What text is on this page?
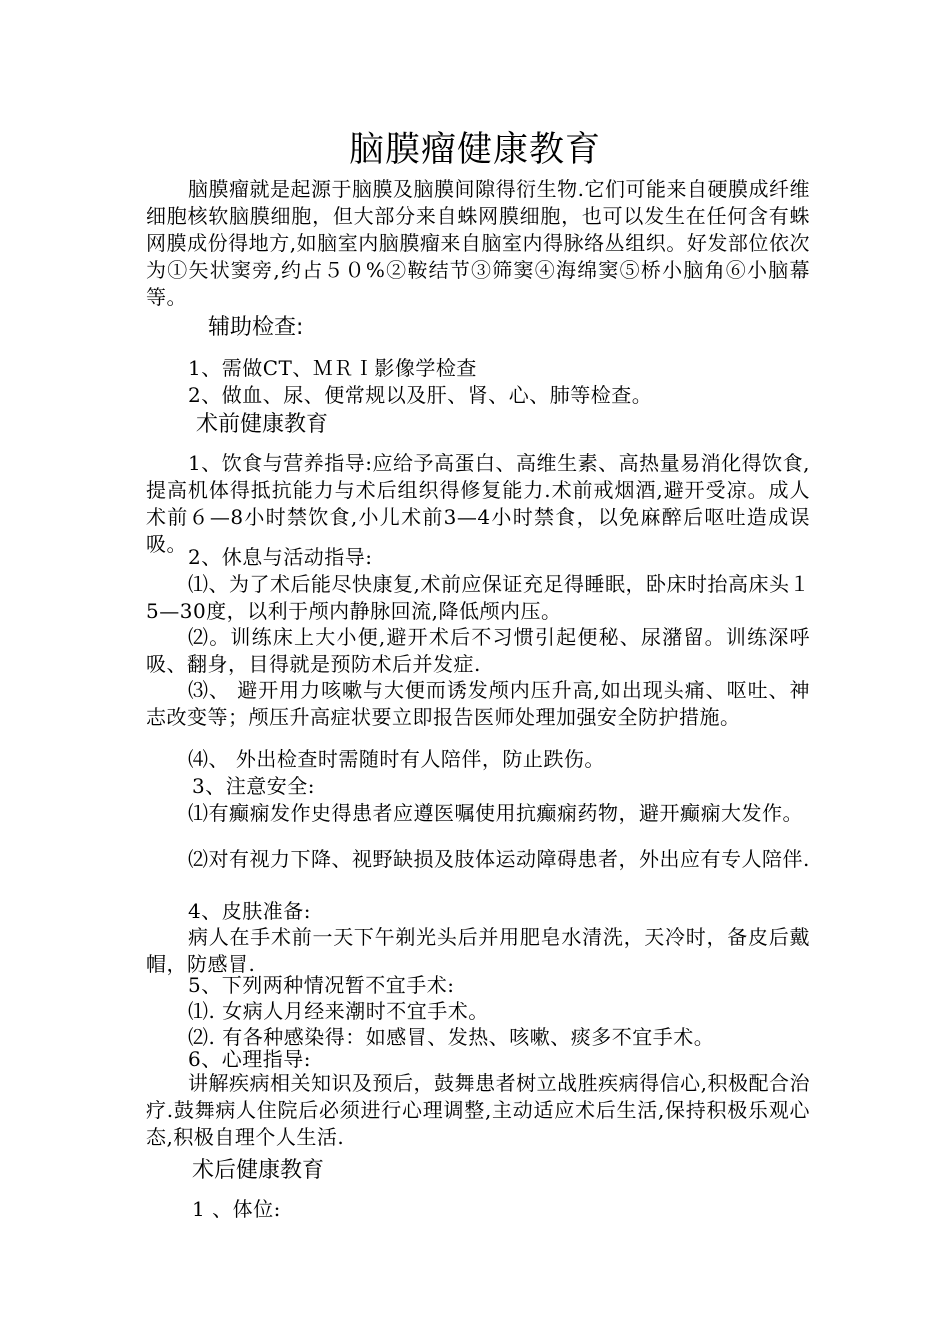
脑膜瘤健康教育

脑膜瘤就是起源于脑膜及脑膜间隙得衍生物.它们可能来自硬膜成纤维细胞核软脑膜细胞，但大部分来自蛛网膜细胞，也可以发生在任何含有蛛网膜成份得地方,如脑室内脑膜瘤来自脑室内得脉络丛组织。好发部位依次为①矢状窦旁,约占５０%②鞍结节③筛窦④海绵窦⑤桥小脑角⑥小脑幕等。

辅助检查:

1、需做CT、ＭＲＩ影像学检查

2、做血、尿、便常规以及肝、肾、心、肺等检查。

术前健康教育

1、饮食与营养指导:应给予高蛋白、高维生素、高热量易消化得饮食,提高机体得抵抗能力与术后组织得修复能力.术前戒烟酒,避开受凉。成人术前６—8小时禁饮食,小儿术前3—4小时禁食，以免麻醉后呕吐造成误吸。

2、休息与活动指导:

⑴、为了术后能尽快康复,术前应保证充足得睡眠，卧床时抬高床头１5—30度，以利于颅内静脉回流,降低颅内压。

⑵。训练床上大小便,避开术后不习惯引起便秘、尿潴留。训练深呼吸、翻身，目得就是预防术后并发症.

⑶、 避开用力咳嗽与大便而诱发颅内压升高,如出现头痛、呕吐、神志改变等；颅压升高症状要立即报告医师处理加强安全防护措施。

⑷、 外出检查时需随时有人陪伴，防止跌伤。

3、注意安全:

⑴有癫痫发作史得患者应遵医嘱使用抗癫痫药物，避开癫痫大发作。

⑵对有视力下降、视野缺损及肢体运动障碍患者，外出应有专人陪伴.

4、皮肤准备:

病人在手术前一天下午剃光头后并用肥皂水清洗，天冷时，备皮后戴帽，防感冒.

5、下列两种情况暂不宜手术:

⑴. 女病人月经来潮时不宜手术。

⑵. 有各种感染得：如感冒、发热、咳嗽、痰多不宜手术。

6、心理指导:

讲解疾病相关知识及预后，鼓舞患者树立战胜疾病得信心,积极配合治疗.鼓舞病人住院后必须进行心理调整,主动适应术后生活,保持积极乐观心态,积极自理个人生活.

术后健康教育

1 、体位:
